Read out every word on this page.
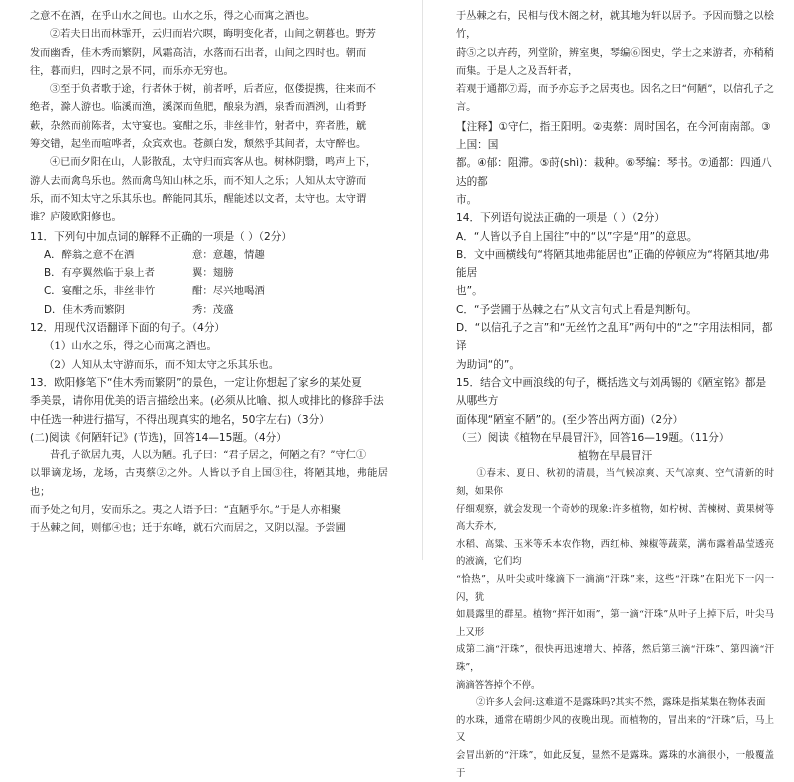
之意不在酒，在乎山水之间也。山水之乐，得之心而寓之酒也。

②若夫日出而林霏开，云归而岩穴暝，晦明变化者，山间之朝暮也。野芳

发而幽香，佳木秀而繁阴，风霜高洁，水落而石出者，山间之四时也。朝而

往，暮而归，四时之景不同，而乐亦无穷也。

③至于负者歌于途，行者休于树，前者呼，后者应，伛偻提携，往来而不

绝者，滁人游也。临溪而渔，溪深而鱼肥，酿泉为酒，泉香而酒洌，山肴野

蔌，杂然而前陈者，太守宴也。宴酣之乐，非丝非竹，射者中，弈者胜，觥

筹交错，起坐而喧哗者，众宾欢也。苍颜白发，颓然乎其间者，太守醉也。

④已而夕阳在山，人影散乱，太守归而宾客从也。树林阴翳，鸣声上下，

游人去而禽鸟乐也。然而禽鸟知山林之乐，而不知人之乐；人知从太守游而

乐，而不知太守之乐其乐也。醉能同其乐，醒能述以文者，太守也。太守谓

谁？庐陵欧阳修也。

11．下列句中加点词的解释不正确的一项是（ ）（2分）

A．醉翁之意不在酒	意：意趣，情趣

B．有亭翼然临于泉上者	翼：翅膀

C．宴酣之乐，非丝非竹	酣：尽兴地喝酒

D．佳木秀而繁阴	秀：茂盛

12．用现代汉语翻译下面的句子。（4分）

（1）山水之乐，得之心而寓之酒也。

（2）人知从太守游而乐，而不知太守之乐其乐也。

13．欧阳修笔下“佳木秀而繁阴”的景色，一定让你想起了家乡的某处夏

季美景，请你用优美的语言描绘出来。(必须从比喻、拟人或排比的修辞手法

中任选一种进行描写，不得出现真实的地名，50字左右)（3分）

(二)阅读《何陋轩记》(节选)，回答14—15题。（4分）

昔孔子欲居九夷，人以为陋。孔子曰：“君子居之，何陋之有？”守仁①

以罪谪龙场，龙场，古夷蔡②之外。人皆以予自上国③往，将陋其地，弗能居也；

而予处之旬月，安而乐之。夷之人语予曰：“直陋乎尔。”于是人亦相聚

于丛棘之间，则郁④也；迁于东峰，就石穴而居之，又阴以湿。予尝圃

于丛棘之右，民相与伐木阁之材，就其地为轩以居予。予因而翳之以桧竹，

莳⑤之以卉药，列堂阶，辨室奥，琴编⑥图史，学士之来游者，亦稍稍而集。于是人之及吾轩者，

若观于通都⑦焉，而予亦忘予之居夷也。因名之曰“何陋”，以信孔子之言。

【注释】①守仁，指王阳明。②夷蔡：周时国名，在今河南南部。③上国：国

都。④郁：阻滞。⑤莳(shì)：栽种。⑥琴编：琴书。⑦通都：四通八达的都

市。

14．下列语句说法正确的一项是（ ）（2分）

A．“人皆以予自上国往”中的“以”字是“用”的意思。

B．文中画横线句“将陋其地弗能居也”正确的停顿应为“将陋其地/弗能居

也”。

C．“予尝圃于丛棘之右”从文言句式上看是判断句。

D．“以信孔子之言”和“无丝竹之乱耳”两句中的“之”字用法相同，都译

为助词“的”。

15．结合文中画浪线的句子，概括选文与刘禹锡的《陋室铭》都是从哪些方

面体现“陋室不陋”的。(至少答出两方面)（2分）

（三）阅读《植物在早晨冒汗》，回答16—19题。（11分）

植物在早晨冒汗

①春末、夏日、秋初的清晨，当气候凉爽、天气凉爽、空气清新的时刻，如果你

仔细观察，就会发现一个奇妙的现象:许多植物，如柠树、苦楝树、黄果树等高大乔木,

水稻、高粱、玉米等禾本农作物，西红柿、辣椒等蔬菜，满布露着晶莹透亮的液滴，它们均

“恰热”，从叶尖或叶缘滴下一滴滴“汗珠”来，这些“汗珠”在阳光下一闪一闪，犹

如晨露里的群星。植物“挥汗如雨”，第一滴“汗珠”从叶子上掉下后，叶尖马上又形

成第二滴“汗珠”，很快再迅速增大、掉落，然后第三滴“汗珠”、第四滴“汗珠”，

滴滴答答掉个不停。

②许多人会问:这难道不是露珠吗?其实不然，露珠是指某集在物体表面

的水珠，通常在晴朗少风的夜晚出现。而植物的，冒出来的“汗珠”后，马上又

会冒出新的“汗珠”，如此反复，显然不是露珠。露珠的水滴很小，一般覆盖于
